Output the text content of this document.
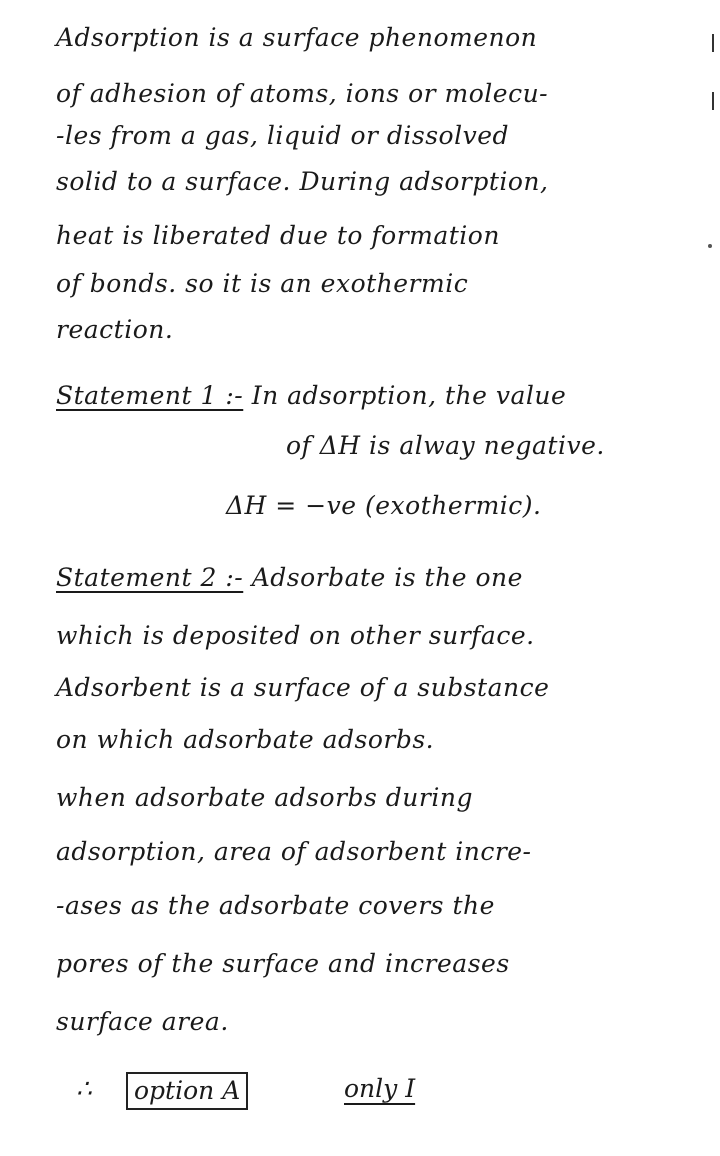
Adsorption is a surface phenomenon
of adhesion of atoms, ions or molecu-
-les from a gas, liquid or dissolved
solid to a surface. During adsorption,
heat is liberated due to formation
of bonds. so it is an exothermic
reaction.
Statement 1 :- In adsorption, the value
of ΔH is alway negative.
ΔH = −ve (exothermic).
Statement 2 :- Adsorbate is the one
which is deposited on other surface.
Adsorbent is a surface of a substance
on which adsorbate adsorbs.
when adsorbate adsorbs during
adsorption, area of adsorbent incre-
-ases as the adsorbate covers the
pores of the surface and increases
surface area.
∴	option A	only I
